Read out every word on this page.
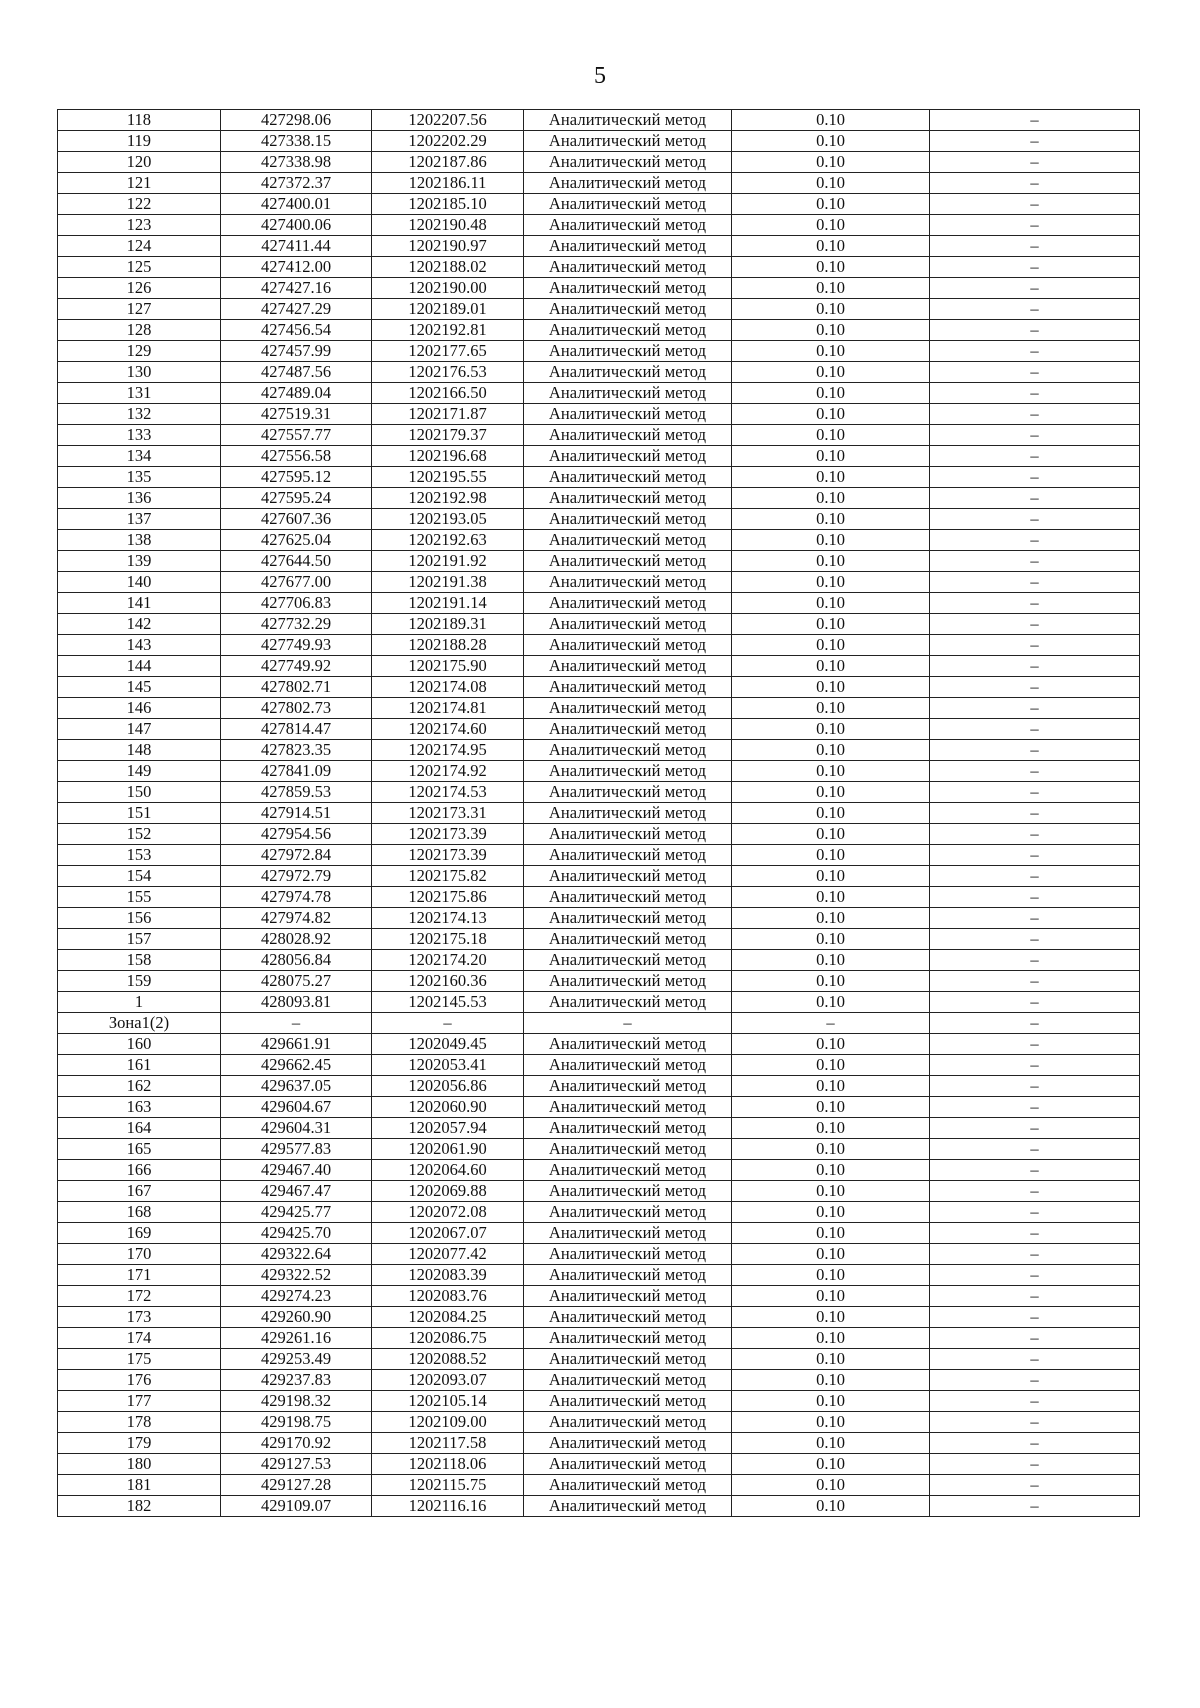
5
118	427298.06	1202207.56	Аналитический метод	0.10	–
119	427338.15	1202202.29	Аналитический метод	0.10	–
120	427338.98	1202187.86	Аналитический метод	0.10	–
121	427372.37	1202186.11	Аналитический метод	0.10	–
122	427400.01	1202185.10	Аналитический метод	0.10	–
123	427400.06	1202190.48	Аналитический метод	0.10	–
124	427411.44	1202190.97	Аналитический метод	0.10	–
125	427412.00	1202188.02	Аналитический метод	0.10	–
126	427427.16	1202190.00	Аналитический метод	0.10	–
127	427427.29	1202189.01	Аналитический метод	0.10	–
128	427456.54	1202192.81	Аналитический метод	0.10	–
129	427457.99	1202177.65	Аналитический метод	0.10	–
130	427487.56	1202176.53	Аналитический метод	0.10	–
131	427489.04	1202166.50	Аналитический метод	0.10	–
132	427519.31	1202171.87	Аналитический метод	0.10	–
133	427557.77	1202179.37	Аналитический метод	0.10	–
134	427556.58	1202196.68	Аналитический метод	0.10	–
135	427595.12	1202195.55	Аналитический метод	0.10	–
136	427595.24	1202192.98	Аналитический метод	0.10	–
137	427607.36	1202193.05	Аналитический метод	0.10	–
138	427625.04	1202192.63	Аналитический метод	0.10	–
139	427644.50	1202191.92	Аналитический метод	0.10	–
140	427677.00	1202191.38	Аналитический метод	0.10	–
141	427706.83	1202191.14	Аналитический метод	0.10	–
142	427732.29	1202189.31	Аналитический метод	0.10	–
143	427749.93	1202188.28	Аналитический метод	0.10	–
144	427749.92	1202175.90	Аналитический метод	0.10	–
145	427802.71	1202174.08	Аналитический метод	0.10	–
146	427802.73	1202174.81	Аналитический метод	0.10	–
147	427814.47	1202174.60	Аналитический метод	0.10	–
148	427823.35	1202174.95	Аналитический метод	0.10	–
149	427841.09	1202174.92	Аналитический метод	0.10	–
150	427859.53	1202174.53	Аналитический метод	0.10	–
151	427914.51	1202173.31	Аналитический метод	0.10	–
152	427954.56	1202173.39	Аналитический метод	0.10	–
153	427972.84	1202173.39	Аналитический метод	0.10	–
154	427972.79	1202175.82	Аналитический метод	0.10	–
155	427974.78	1202175.86	Аналитический метод	0.10	–
156	427974.82	1202174.13	Аналитический метод	0.10	–
157	428028.92	1202175.18	Аналитический метод	0.10	–
158	428056.84	1202174.20	Аналитический метод	0.10	–
159	428075.27	1202160.36	Аналитический метод	0.10	–
1	428093.81	1202145.53	Аналитический метод	0.10	–
Зона1(2)	–	–	–	–	–
160	429661.91	1202049.45	Аналитический метод	0.10	–
161	429662.45	1202053.41	Аналитический метод	0.10	–
162	429637.05	1202056.86	Аналитический метод	0.10	–
163	429604.67	1202060.90	Аналитический метод	0.10	–
164	429604.31	1202057.94	Аналитический метод	0.10	–
165	429577.83	1202061.90	Аналитический метод	0.10	–
166	429467.40	1202064.60	Аналитический метод	0.10	–
167	429467.47	1202069.88	Аналитический метод	0.10	–
168	429425.77	1202072.08	Аналитический метод	0.10	–
169	429425.70	1202067.07	Аналитический метод	0.10	–
170	429322.64	1202077.42	Аналитический метод	0.10	–
171	429322.52	1202083.39	Аналитический метод	0.10	–
172	429274.23	1202083.76	Аналитический метод	0.10	–
173	429260.90	1202084.25	Аналитический метод	0.10	–
174	429261.16	1202086.75	Аналитический метод	0.10	–
175	429253.49	1202088.52	Аналитический метод	0.10	–
176	429237.83	1202093.07	Аналитический метод	0.10	–
177	429198.32	1202105.14	Аналитический метод	0.10	–
178	429198.75	1202109.00	Аналитический метод	0.10	–
179	429170.92	1202117.58	Аналитический метод	0.10	–
180	429127.53	1202118.06	Аналитический метод	0.10	–
181	429127.28	1202115.75	Аналитический метод	0.10	–
182	429109.07	1202116.16	Аналитический метод	0.10	–
